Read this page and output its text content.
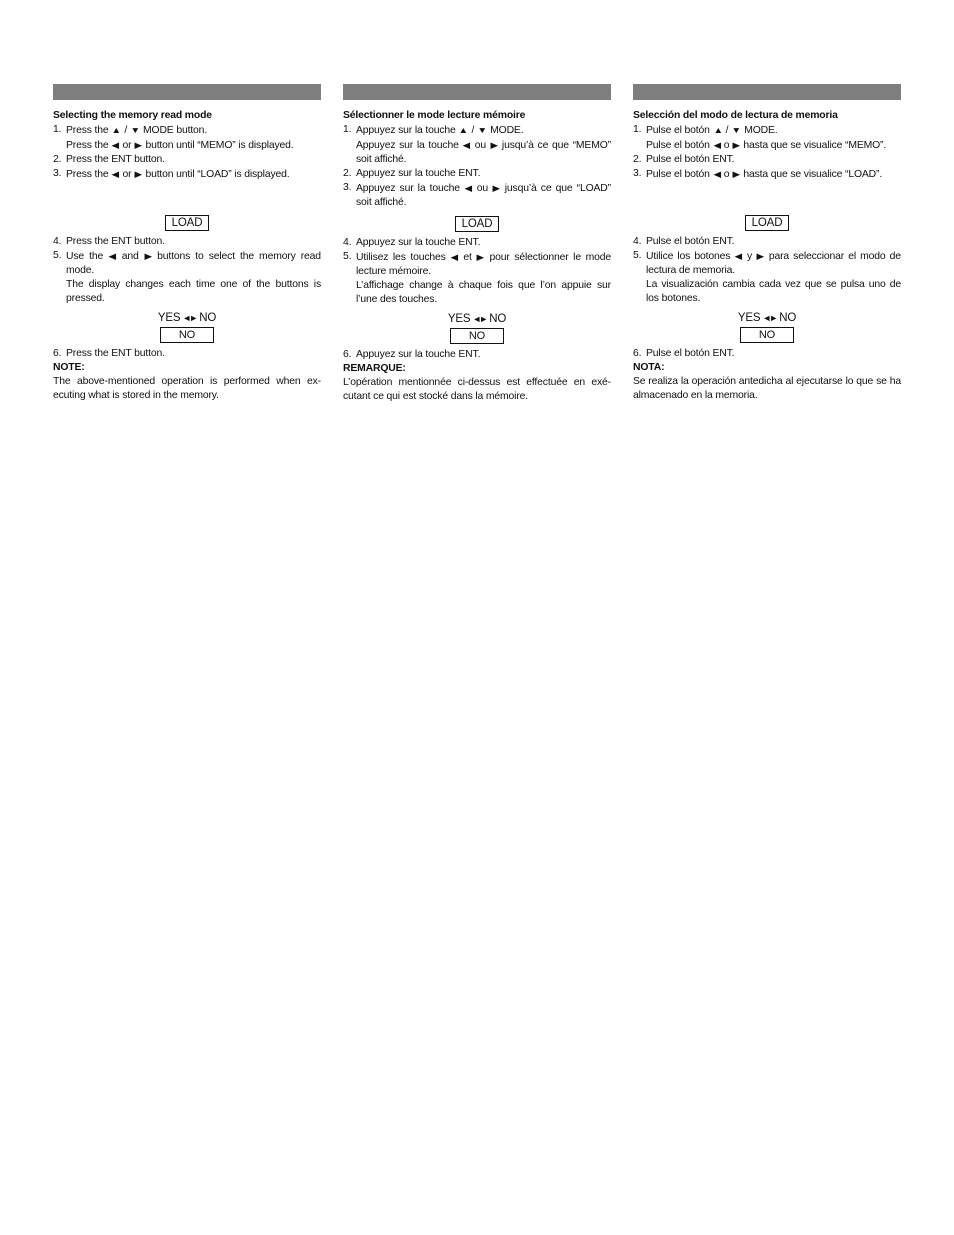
Selecting the memory read mode

1. Press the ▲ / ▼ MODE button.
Press the ◀ or ▶ button until “MEMO” is displayed.
2. Press the ENT button.
3. Press the ◀ or ▶ button until “LOAD” is displayed.
LOAD
4. Press the ENT button.
5. Use the ◀ and ▶ buttons to select the memory read mode.
The display changes each time one of the buttons is pressed.
YES ◄► NO
NO
6. Press the ENT button.
NOTE:
The above-mentioned operation is performed when ex-ecuting what is stored in the memory.

Sélectionner le mode lecture mémoire

1. Appuyez sur la touche ▲ / ▼ MODE.
Appuyez sur la touche ◀ ou ▶ jusqu’à ce que “MEMO” soit affiché.
2. Appuyez sur la touche ENT.
3. Appuyez sur la touche ◀ ou ▶ jusqu’à ce que “LOAD” soit affiché.
LOAD
4. Appuyez sur la touche ENT.
5. Utilisez les touches ◀ et ▶ pour sélectionner le mode lecture mémoire.
L’affichage change à chaque fois que l’on appuie sur l’une des touches.
YES ◄► NO
NO
6. Appuyez sur la touche ENT.
REMARQUE:
L’opération mentionnée ci-dessus est effectuée en exé-cutant ce qui est stocké dans la mémoire.

Selección del modo de lectura de memoria

1. Pulse el botón ▲ / ▼ MODE.
Pulse el botón ◀ o ▶ hasta que se visualice “MEMO”.
2. Pulse el botón ENT.
3. Pulse el botón ◀ o ▶ hasta que se visualice “LOAD”.
LOAD
4. Pulse el botón ENT.
5. Utilice los botones ◀ y ▶ para seleccionar el modo de lectura de memoria.
La visualización cambia cada vez que se pulsa uno de los botones.
YES ◄► NO
NO
6. Pulse el botón ENT.
NOTA:
Se realiza la operación antedicha al ejecutarse lo que se ha almacenado en la memoria.
